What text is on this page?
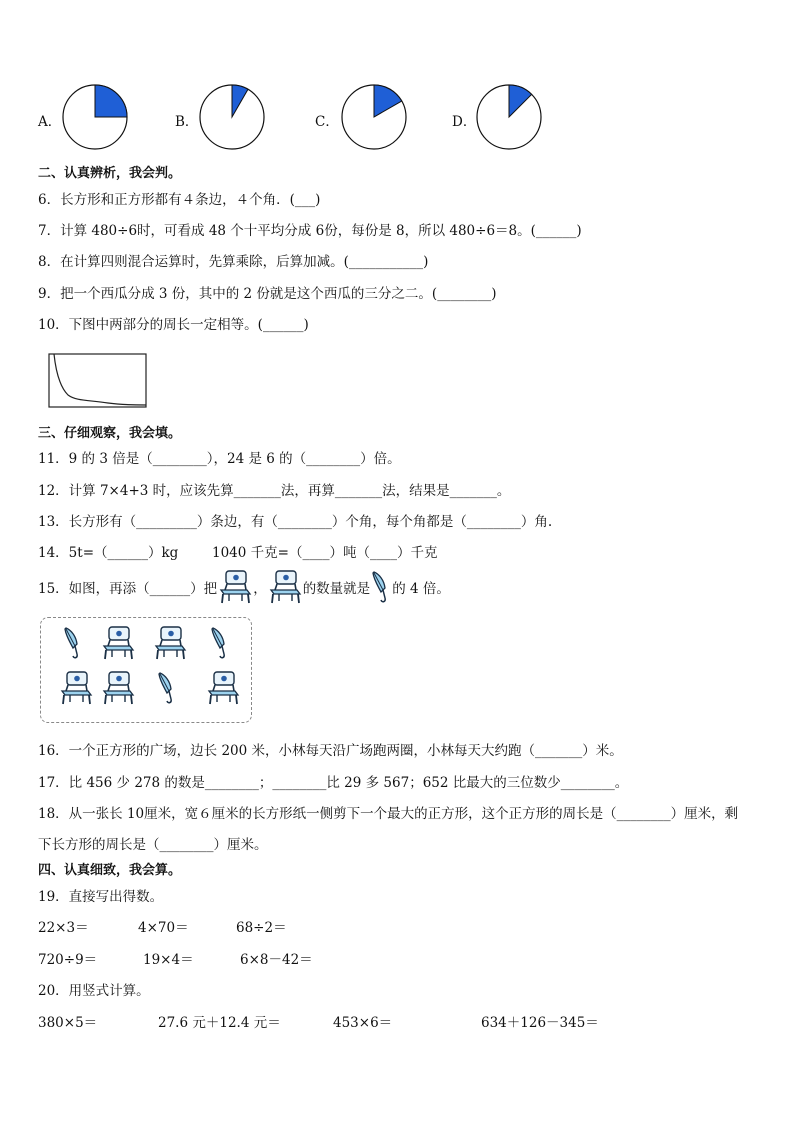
A．	B．	C．	D．
二、认真辨析，我会判。
6．长方形和正方形都有４条边，４个角．(___)
7．计算 480÷6时，可看成 48 个十平均分成 6份，每份是 8，所以 480÷6＝8。(______)
8．在计算四则混合运算时，先算乘除，后算加减。(___________)
9．把一个西瓜分成 3 份，其中的 2 份就是这个西瓜的三分之二。(________)
10．下图中两部分的周长一定相等。(______)
三、仔细观察，我会填。
11．9 的 3 倍是（________），24 是 6 的（________）倍。
12．计算 7×4+3 时，应该先算_______法，再算_______法，结果是_______。
13．长方形有（_________）条边，有（________）个角，每个角都是（________）角.
14．5t=（______）kg 1040 千克=（____）吨（____）千克
15．如图，再添（______）把	，	的数量就是 的 4 倍。
16．一个正方形的广场，边长 200 米，小林每天沿广场跑两圈，小林每天大约跑（_______）米。
17．比 456 少 278 的数是________；________比 29 多 567；652 比最大的三位数少________。
18．从一张长 10厘米，宽６厘米的长方形纸一侧剪下一个最大的正方形，这个正方形的周长是（________）厘米，剩
下长方形的周长是（________）厘米。
四、认真细致，我会算。
19．直接写出得数。
22×3＝	4×70＝	68÷2＝
720÷9＝	19×4＝	6×8－42＝
20．用竖式计算。
380×5＝	27.6 元＋12.4 元＝	453×6＝	634＋126－345＝
